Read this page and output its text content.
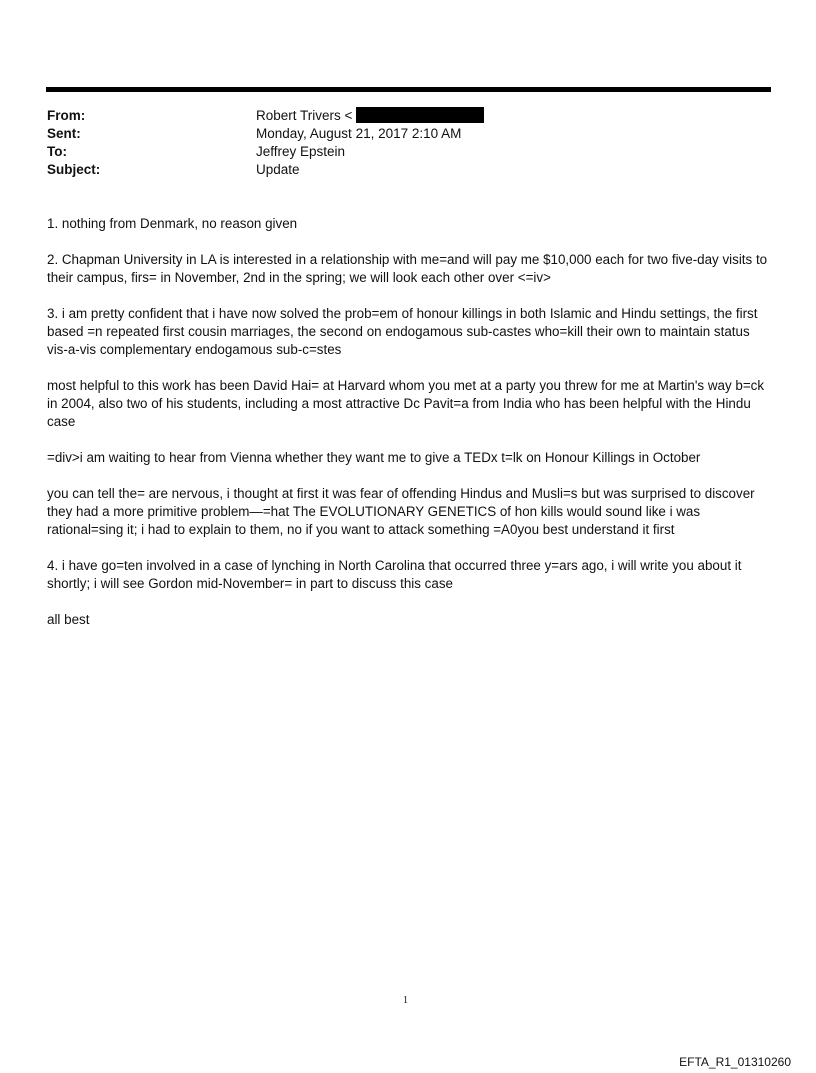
From:	Robert Trivers <
Sent:	Monday, August 21, 2017 2:10 AM
To:	Jeffrey Epstein
Subject:	Update

1. nothing from Denmark, no reason given

2. Chapman University in LA is interested in a relationship with me=and will pay me $10,000 each for two five-day visits to their campus, firs= in November, 2nd in the spring; we will look each other over <=iv>

3. i am pretty confident that i have now solved the prob=em of honour killings in both Islamic and Hindu settings, the first based =n repeated first cousin marriages, the second on endogamous sub-castes who=kill their own to maintain status vis-a-vis complementary endogamous sub-c=stes

most helpful to this work has been David Hai= at Harvard whom you met at a party you threw for me at Martin's way b=ck in 2004, also two of his students, including a most attractive Dc Pavit=a from India who has been helpful with the Hindu case

=div>i am waiting to hear from Vienna whether they want me to give a TEDx t=lk on Honour Killings in October

you can tell the= are nervous, i thought at first it was fear of offending Hindus and Musli=s but was surprised to discover they had a more primitive problem—=hat The EVOLUTIONARY GENETICS of hon kills would sound like i was rational=sing it; i had to explain to them, no if you want to attack something =A0you best understand it first

4. i have go=ten involved in a case of lynching in North Carolina that occurred three y=ars ago, i will write you about it shortly; i will see Gordon mid-November= in part to discuss this case

all best

1
EFTA_R1_01310260
